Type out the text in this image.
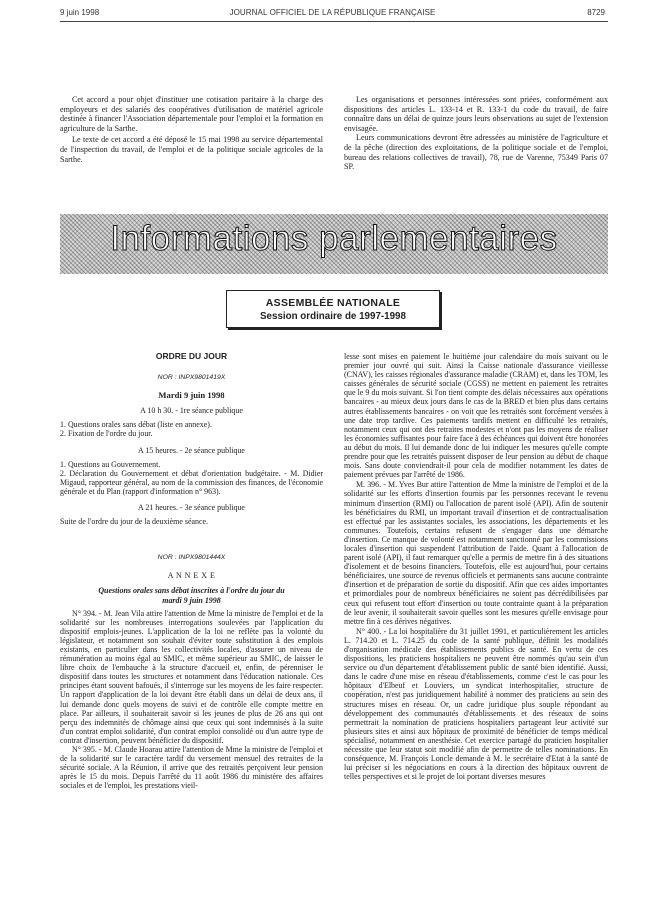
9 juin 1998	JOURNAL OFFICIEL DE LA RÉPUBLIQUE FRANÇAISE	8729

Cet accord a pour objet d'instituer une cotisation paritaire à la charge des employeurs et des salariés des coopératives d'utilisation de matériel agricole destinée à financer l'Association départementale pour l'emploi et la formation en agriculture de la Sarthe.

Le texte de cet accord a été déposé le 15 mai 1998 au service départemental de l'inspection du travail, de l'emploi et de la politique sociale agricoles de la Sarthe.

Les organisations et personnes intéressées sont priées, conformément aux dispositions des articles L. 133-14 et R. 133-1 du code du travail, de faire connaître dans un délai de quinze jours leurs observations au sujet de l'extension envisagée.

Leurs communications devront être adressées au ministère de l'agriculture et de la pêche (direction des exploitations, de la politique sociale et de l'emploi, bureau des relations collectives de travail), 78, rue de Varenne, 75349 Paris 07 SP.

Informations parlementaires
ASSEMBLÉE NATIONALE
Session ordinaire de 1997-1998
ORDRE DU JOUR
NOR : INPX9801419X
Mardi 9 juin 1998
A 10 h 30. - 1re séance publique
1. Questions orales sans débat (liste en annexe).
2. Fixation de l'ordre du jour.
A 15 heures. - 2e séance publique
1. Questions au Gouvernement.
2. Déclaration du Gouvernement et débat d'orientation budgétaire. - M. Didier Migaud, rapporteur général, au nom de la commission des finances, de l'économie générale et du Plan (rapport d'information n° 963).
A 21 heures. - 3e séance publique
Suite de l'ordre du jour de la deuxième séance.
NOR : INPX9801444X
A N N E X E
Questions orales sans débat inscrites à l'ordre du jour du mardi 9 juin 1998

N° 394. - M. Jean Vila attire l'attention de Mme la ministre de l'emploi et de la solidarité sur les nombreuses interrogations soulevées par l'application du dispositif emplois-jeunes. L'application de la loi ne reflète pas la volonté du législateur, et notamment son souhait d'éviter toute substitution à des emplois existants, en particulier dans les collectivités locales, d'assurer un niveau de rémunération au moins égal au SMIC, et même supérieur au SMIC, de laisser le libre choix de l'embauche à la structure d'accueil et, enfin, de pérenniser le dispositif dans toutes les structures et notamment dans l'éducation nationale. Ces principes étant souvent bafoués, il s'interroge sur les moyens de les faire respecter. Un rapport d'application de la loi devant être établi dans un délai de deux ans, il lui demande donc quels moyens de suivi et de contrôle elle compte mettre en place. Par ailleurs, il souhaiterait savoir si les jeunes de plus de 26 ans qui ont perçu des indemnités de chômage ainsi que ceux qui sont indemnisés à la suite d'un contrat emploi solidarité, d'un contrat emploi consolidé ou d'un autre type de contrat d'insertion, peuvent bénéficier du dispositif.

N° 395. - M. Claude Hoarau attire l'attention de Mme la ministre de l'emploi et de la solidarité sur le caractère tardif du versement mensuel des retraites de la sécurité sociale. A la Réunion, il arrive que des retraités perçoivent leur pension après le 15 du mois. Depuis l'arrêté du 11 août 1986 du ministère des affaires sociales et de l'emploi, les prestations vieil-

lesse sont mises en paiement le huitième jour calendaire du mois suivant ou le premier jour ouvré qui suit. Ainsi la Caisse nationale d'assurance vieillesse (CNAV), les caisses régionales d'assurance maladie (CRAM) et, dans les TOM, les caisses générales de sécurité sociale (CGSS) ne mettent en paiement les retraites que le 9 du mois suivant. Si l'on tient compte des délais nécessaires aux opérations bancaires - au mieux deux jours dans le cas de la BRED et bien plus dans certains autres établissements bancaires - on voit que les retraités sont forcément versées à une date trop tardive. Ces paiements tardifs mettent en difficulté les retraités, notamment ceux qui ont des retraites modestes et n'ont pas les moyens de réaliser les économies suffisantes pour faire face à des échéances qui doivent être honorées au début du mois. Il lui demande donc de lui indiquer les mesures qu'elle compte prendre pour que les retraités puissent disposer de leur pension au début de chaque mois. Sans doute conviendrait-il pour cela de modifier notamment les dates de paiement prévues par l'arrêté de 1986.

M. 396. - M. Yves Bur attire l'attention de Mme la ministre de l'emploi et de la solidarité sur les efforts d'insertion fournis par les personnes recevant le revenu minimum d'insertion (RMI) ou l'allocation de parent isolé (API). Afin de soutenir les bénéficiaires du RMI, un important travail d'insertion et de contractualisation est effectué par les assistantes sociales, les associations, les départements et les communes. Toutefois, certains refusent de s'engager dans une démarche d'insertion. Ce manque de volonté est notamment sanctionné par les commissions locales d'insertion qui suspendent l'attribution de l'aide. Quant à l'allocation de parent isolé (API), il faut remarquer qu'elle a permis de mettre fin à des situations d'isolement et de besoins financiers. Toutefois, elle est aujourd'hui, pour certains bénéficiaires, une source de revenus officiels et permanents sans aucune contrainte d'insertion et de préparation de sortie du dispositif. Afin que ces aides importantes et primordiales pour de nombreux bénéficiaires ne soient pas décrédibilisées par ceux qui refusent tout effort d'insertion ou toute contrainte quant à la préparation de leur avenir, il souhaiterait savoir quelles sont les mesures qu'elle envisage pour mettre fin à ces dérives négatives.

N° 400. - La loi hospitalière du 31 juillet 1991, et particulièrement les articles L. 714.20 et L. 714.25 du code de la santé publique, définit les modalités d'organisation médicale des établissements publics de santé. En vertu de ces dispositions, les praticiens hospitaliers ne peuvent être nommés qu'au sein d'un service ou d'un département d'établissement public de santé bien identifié. Aussi, dans le cadre d'une mise en réseau d'établissements, comme c'est le cas pour les hôpitaux d'Elbeuf et Louviers, un syndicat interhospitalier, structure de coopération, n'est pas juridiquement habilité à nommer des praticiens au sein des structures mises en réseau. Or, un cadre juridique plus souple répondant au développement des communautés d'établissements et des réseaux de soins permettrait la nomination de praticiens hospitaliers partageant leur activité sur plusieurs sites et ainsi aux hôpitaux de proximité de bénéficier de temps médical spécialisé, notamment en anesthésie. Cet exercice partagé du praticien hospitalier nécessite que leur statut soit modifié afin de permettre de telles nominations. En conséquence, M. François Loncle demande à M. le secrétaire d'Etat à la santé de lui préciser si les négociations en cours à la direction des hôpitaux ouvrent de telles perspectives et si le projet de loi portant diverses mesures
